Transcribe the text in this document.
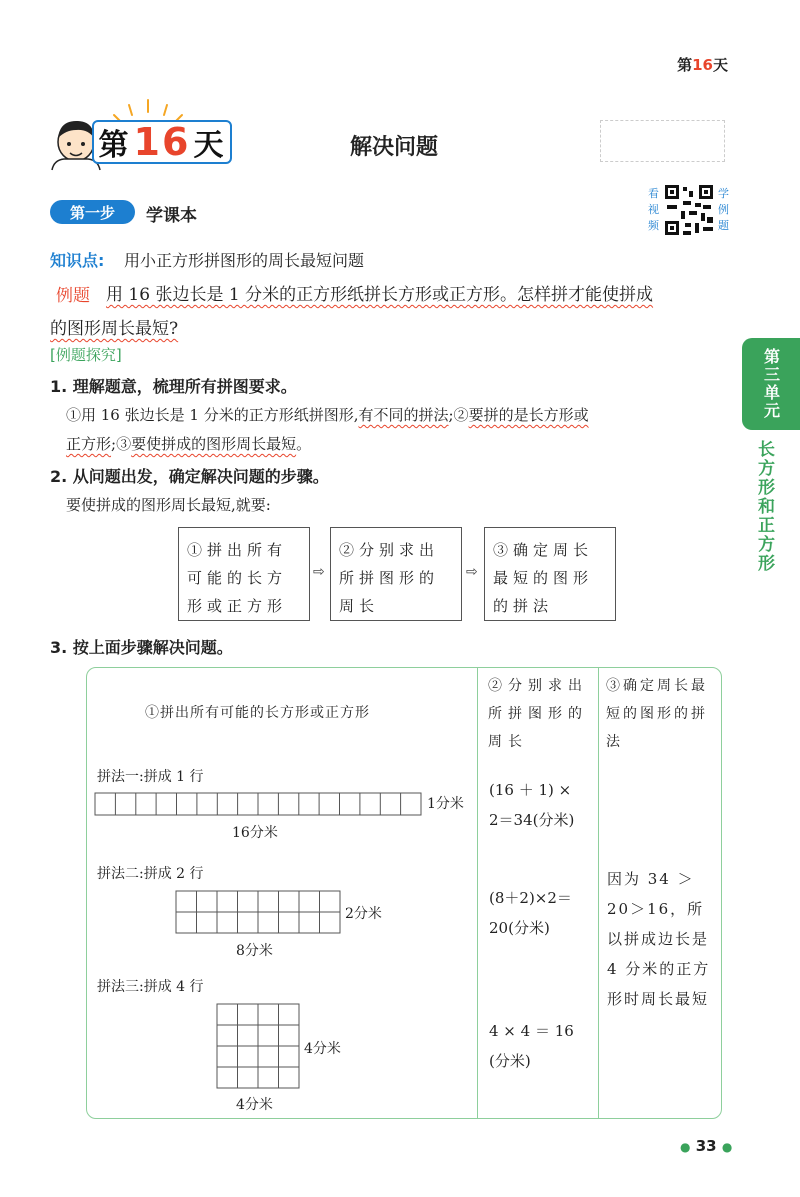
第16天
第 16 天	解决问题
第一步	学课本
看视频
学例题
知识点: 用小正方形拼图形的周长最短问题
例题 用 16 张边长是 1 分米的正方形纸拼长方形或正方形。怎样拼才能使拼成
的图形周长最短?
[例题探究]
1. 理解题意，梳理所有拼图要求。
①用 16 张边长是 1 分米的正方形纸拼图形,有不同的拼法;②要拼的是长方形或
正方形;③要使拼成的图形周长最短。
2. 从问题出发，确定解决问题的步骤。
要使拼成的图形周长最短,就要:
①拼出所有可能的长方形或正方形
⇨
②分别求出所拼图形的周长
⇨
③确定周长最短的图形的拼法
3. 按上面步骤解决问题。
①拼出所有可能的长方形或正方形
②分别求出所拼图形的周长
③确定周长最短的图形的拼法
拼法一:拼成 1 行
1分米
16分米
(16 ＋ 1) ×
2＝34(分米)
拼法二:拼成 2 行
2分米
8分米
(8＋2)×2＝
20(分米)
拼法三:拼成 4 行
4分米
4分米
4 × 4 ＝ 16
(分米)
因为 34 ＞ 20＞16，所以拼成边长是 4 分米的正方形时周长最短
第三单元
长方形和正方形
● 33 ●
